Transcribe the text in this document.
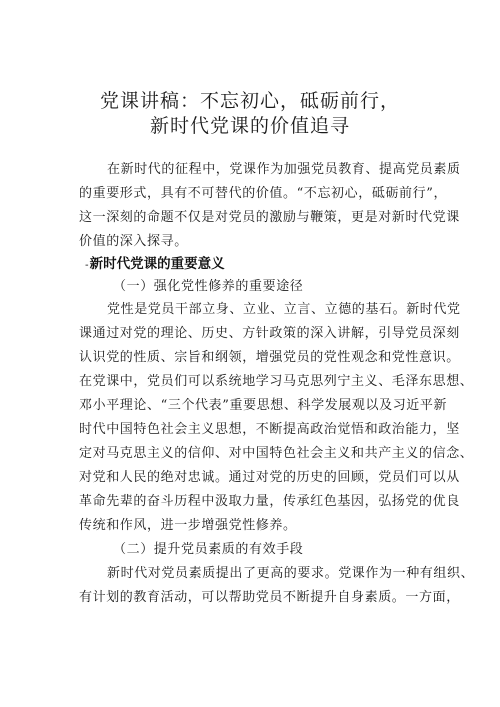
党课讲稿：不忘初心，砥砺前行，
新时代党课的价值追寻
在新时代的征程中，党课作为加强党员教育、提高党员素质
的重要形式，具有不可替代的价值。“不忘初心，砥砺前行”，
这一深刻的命题不仅是对党员的激励与鞭策，更是对新时代党课
价值的深入探寻。
-新时代党课的重要意义
（一）强化党性修养的重要途径
党性是党员干部立身、立业、立言、立德的基石。新时代党
课通过对党的理论、历史、方针政策的深入讲解，引导党员深刻
认识党的性质、宗旨和纲领，增强党员的党性观念和党性意识。
在党课中，党员们可以系统地学习马克思列宁主义、毛泽东思想、
邓小平理论、“三个代表”重要思想、科学发展观以及习近平新
时代中国特色社会主义思想，不断提高政治觉悟和政治能力，坚
定对马克思主义的信仰、对中国特色社会主义和共产主义的信念、
对党和人民的绝对忠诚。通过对党的历史的回顾，党员们可以从
革命先辈的奋斗历程中汲取力量，传承红色基因，弘扬党的优良
传统和作风，进一步增强党性修养。
（二）提升党员素质的有效手段
新时代对党员素质提出了更高的要求。党课作为一种有组织、
有计划的教育活动，可以帮助党员不断提升自身素质。一方面，
